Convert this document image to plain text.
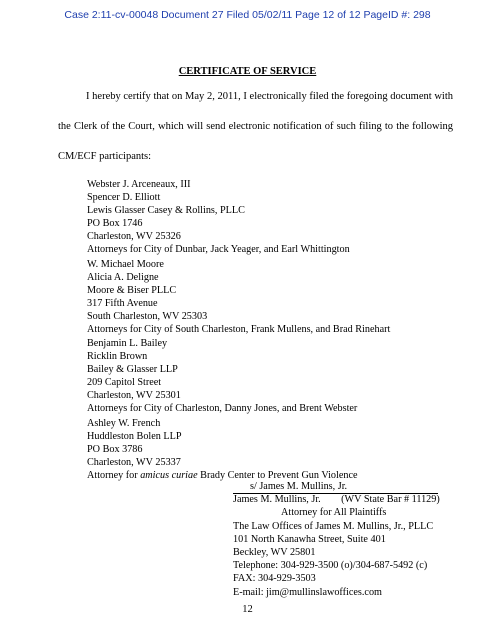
Case 2:11-cv-00048 Document 27 Filed 05/02/11 Page 12 of 12 PageID #: 298
CERTIFICATE OF SERVICE
I hereby certify that on May 2, 2011, I electronically filed the foregoing document with
the Clerk of the Court, which will send electronic notification of such filing to the following
CM/ECF participants:
Webster J. Arceneaux, III
Spencer D. Elliott
Lewis Glasser Casey & Rollins, PLLC
PO Box 1746
Charleston, WV 25326
Attorneys for City of Dunbar, Jack Yeager, and Earl Whittington
W. Michael Moore
Alicia A. Deligne
Moore & Biser PLLC
317 Fifth Avenue
South Charleston, WV 25303
Attorneys for City of South Charleston, Frank Mullens, and Brad Rinehart
Benjamin L. Bailey
Ricklin Brown
Bailey & Glasser LLP
209 Capitol Street
Charleston, WV 25301
Attorneys for City of Charleston, Danny Jones, and Brent Webster
Ashley W. French
Huddleston Bolen LLP
PO Box 3786
Charleston, WV 25337
Attorney for amicus curiae Brady Center to Prevent Gun Violence
s/ James M. Mullins, Jr.
James M. Mullins, Jr.        (WV State Bar # 11129)
Attorney for All Plaintiffs
The Law Offices of James M. Mullins, Jr., PLLC
101 North Kanawha Street, Suite 401
Beckley, WV 25801
Telephone: 304-929-3500 (o)/304-687-5492 (c)
FAX: 304-929-3503
E-mail: jim@mullinslawoffices.com
12
